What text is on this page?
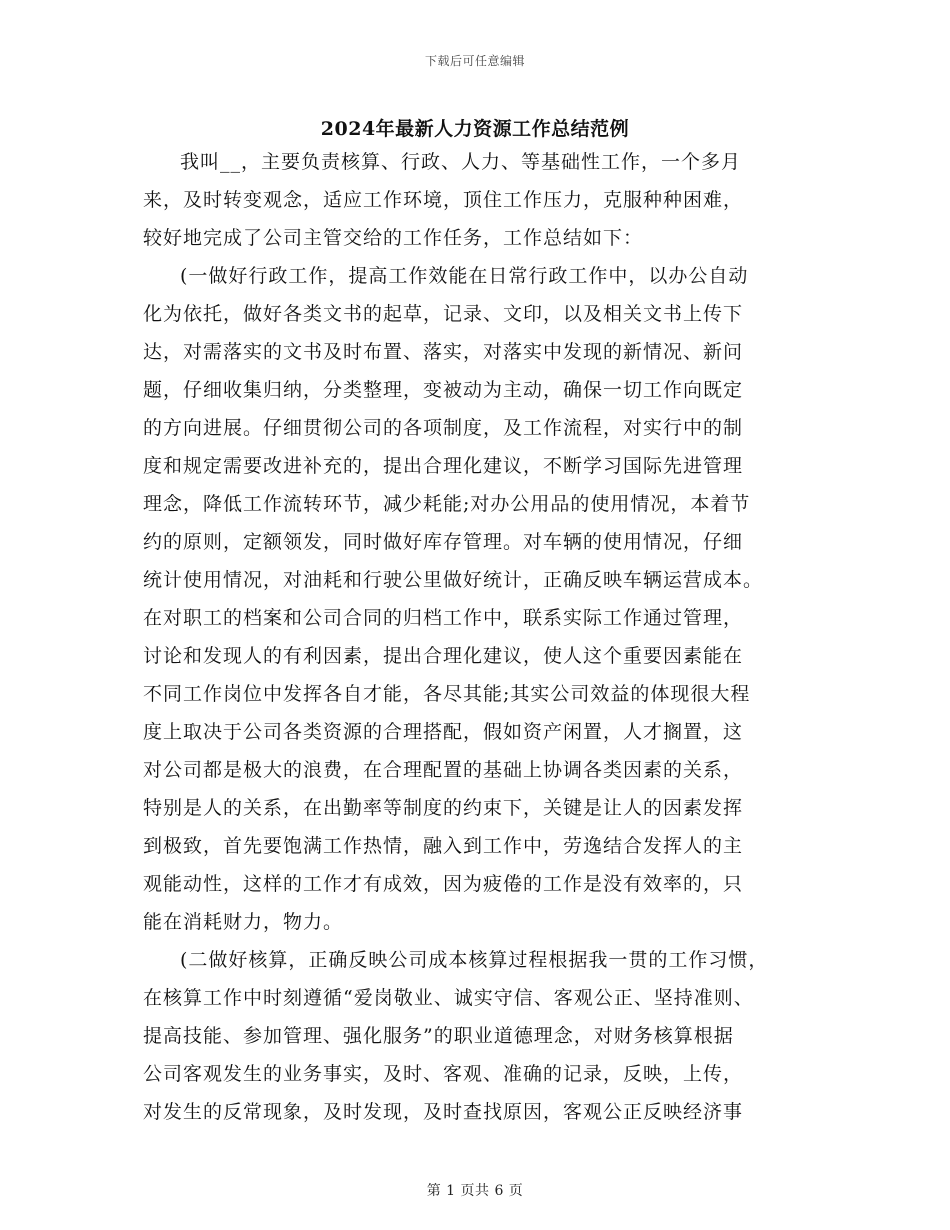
下载后可任意编辑
2024年最新人力资源工作总结范例
我叫__，主要负责核算、行政、人力、等基础性工作，一个多月
来，及时转变观念，适应工作环境，顶住工作压力，克服种种困难，
较好地完成了公司主管交给的工作任务，工作总结如下：
(一做好行政工作，提高工作效能在日常行政工作中，以办公自动
化为依托，做好各类文书的起草，记录、文印，以及相关文书上传下
达，对需落实的文书及时布置、落实，对落实中发现的新情况、新问
题，仔细收集归纳，分类整理，变被动为主动，确保一切工作向既定
的方向进展。仔细贯彻公司的各项制度，及工作流程，对实行中的制
度和规定需要改进补充的，提出合理化建议，不断学习国际先进管理
理念，降低工作流转环节，减少耗能;对办公用品的使用情况，本着节
约的原则，定额领发，同时做好库存管理。对车辆的使用情况，仔细
统计使用情况，对油耗和行驶公里做好统计，正确反映车辆运营成本。
在对职工的档案和公司合同的归档工作中，联系实际工作通过管理，
讨论和发现人的有利因素，提出合理化建议，使人这个重要因素能在
不同工作岗位中发挥各自才能，各尽其能;其实公司效益的体现很大程
度上取决于公司各类资源的合理搭配，假如资产闲置，人才搁置，这
对公司都是极大的浪费，在合理配置的基础上协调各类因素的关系，
特别是人的关系，在出勤率等制度的约束下，关键是让人的因素发挥
到极致，首先要饱满工作热情，融入到工作中，劳逸结合发挥人的主
观能动性，这样的工作才有成效，因为疲倦的工作是没有效率的，只
能在消耗财力，物力。
(二做好核算，正确反映公司成本核算过程根据我一贯的工作习惯，
在核算工作中时刻遵循“爱岗敬业、诚实守信、客观公正、坚持准则、
提高技能、参加管理、强化服务”的职业道德理念，对财务核算根据
公司客观发生的业务事实，及时、客观、准确的记录，反映，上传，
对发生的反常现象，及时发现，及时查找原因，客观公正反映经济事
第 1 页共 6 页
